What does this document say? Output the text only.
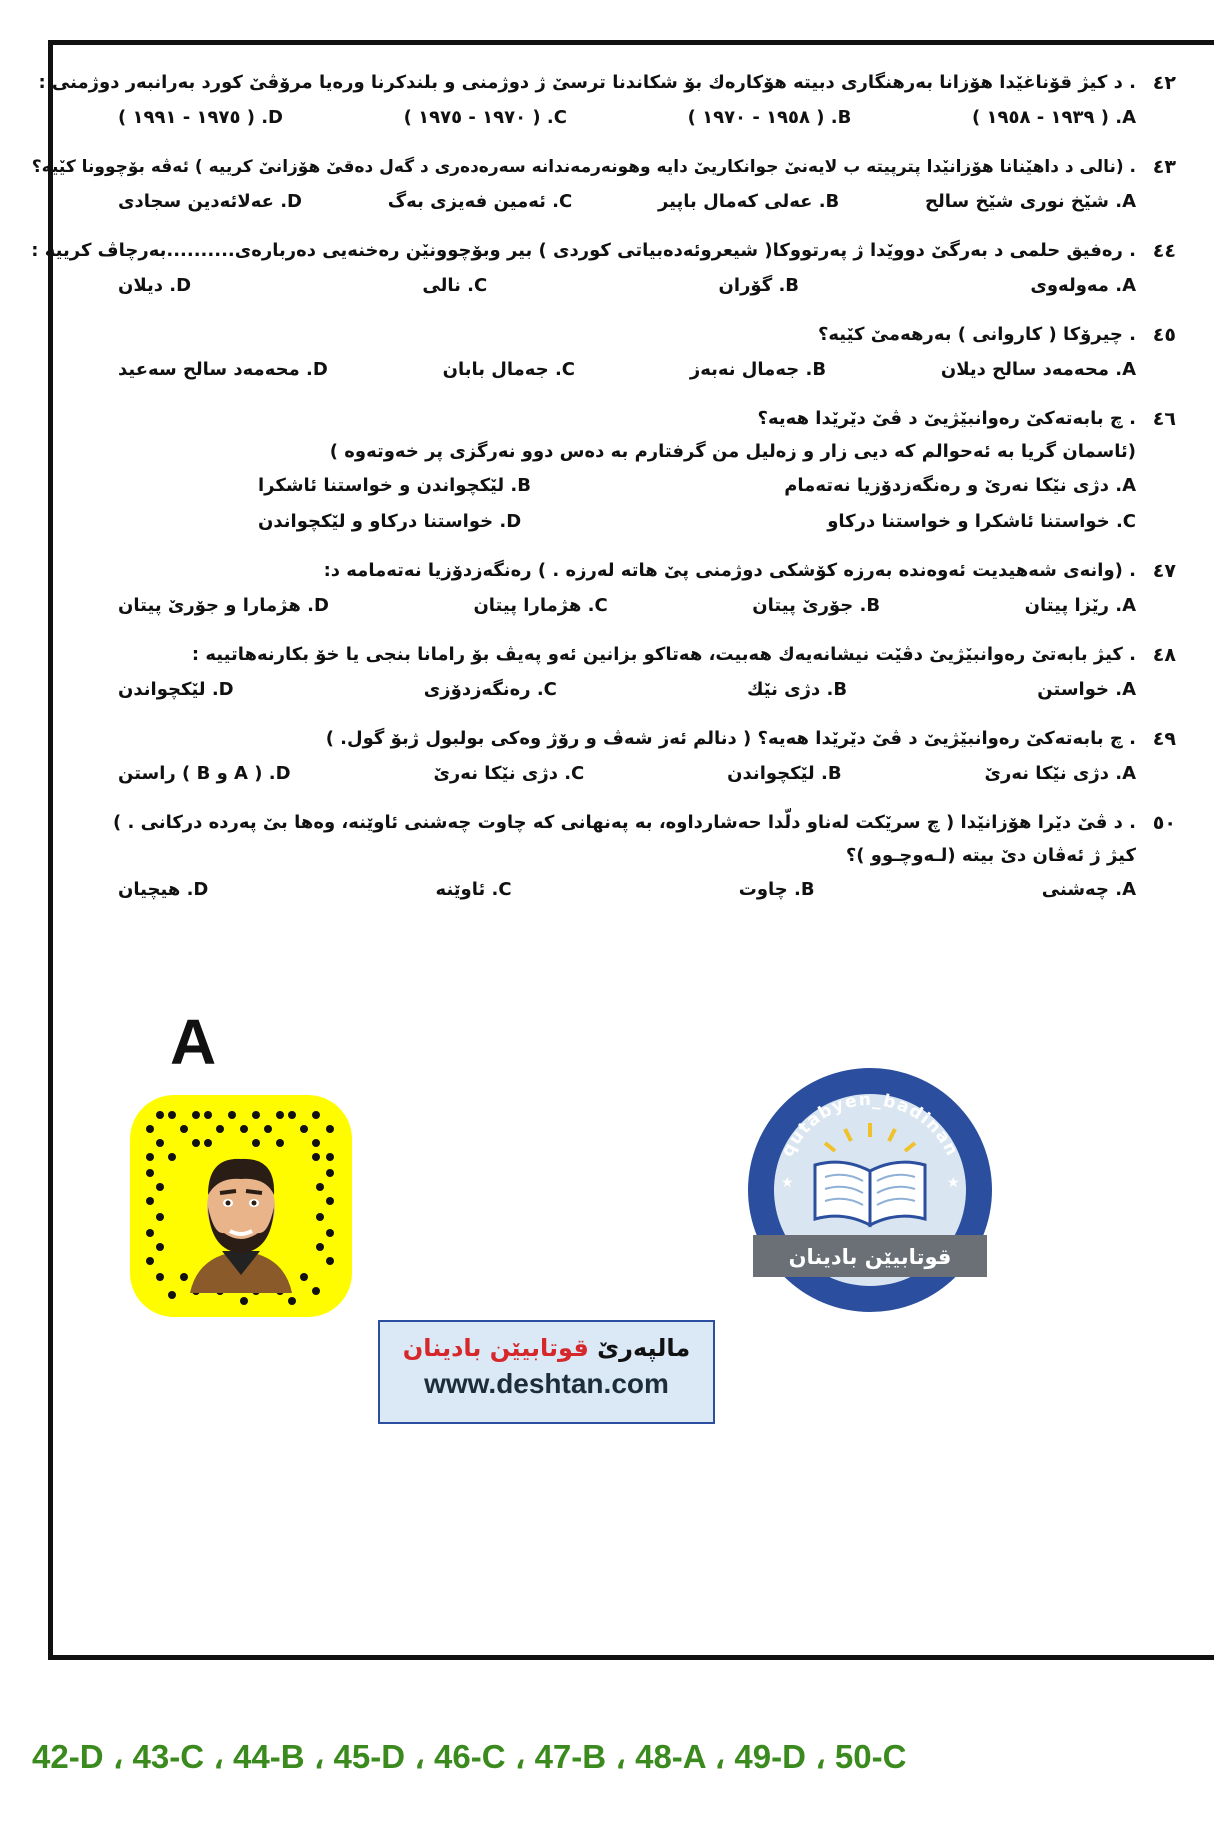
٤٢
. د كيژ قوٚناغيٚدا هوٚزانا بەرهنگاری دبيتە هوٚكارەك بوٚ شكاندنا ترسىٚ ژ دوژمنى و بلندكرنا ورەيا مروٚڤىٚ كورد بەرانبەر دوژمنى :
A. ( ١٩٣٩ - ١٩٥٨ )
B. ( ١٩٥٨ - ١٩٧٠ )
C. ( ١٩٧٠ - ١٩٧٥ )
D. ( ١٩٧٥ - ١٩٩١ )
٤٣
. (نالی د داهيٚنانا هوٚزانيٚدا پترپيتە ب لايەنىٚ جوانكاريىٚ دايە وهونەرمەندانە سەرەدەرى د گەل دەقىٚ هوٚزانىٚ كرييە ) ئەڤە بوٚچوونا كيٚيە؟
A. شيٚخ نوری شيٚخ سالح
B. عەلی كەمال باپير
C. ئەمين فەيزى بەگ
D. عەلائەدين سجادى
٤٤
. رەفيق حلمى د بەرگىٚ دوويٚدا ژ پەرتووكا( شيعروئەدەبياتى كوردى ) بير وبوٚچوونيٚن رەخنەيى دەربارەى..........بەرچاڤ كرييە :
A. مەولەوى
B. گوٚران
C. نالى
D. ديلان
٤٥
. چيروٚكا ( كاروانى ) بەرهەمىٚ كيٚيە؟
A. محەمەد سالح ديلان
B. جەمال نەبەز
C. جەمال بابان
D. محەمەد سالح سەعيد
٤٦
. چ بابەتەكىٚ رەوانبيٚژيىٚ د ڤىٚ ديٚريٚدا هەيە؟
(ئاسمان گريا بە ئەحوالم كە ديى زار و زەليل من گرفتارم بە دەس دوو نەرگزى پر خەوتەوە )
A. دژى نيٚكا نەرىٚ و رەنگەزدوٚزيا نەتەمام
B. ليٚكچواندن و خواستنا ئاشكرا
C. خواستنا ئاشكرا و خواستنا دركاو
D. خواستنا دركاو و ليٚكچواندن
٤٧
. (وانەى شەهيديت ئەوەندە بەرزە كوٚشكى دوژمنى پىٚ هاتە لەرزە . ) رەنگەزدوٚزيا نەتەمامە د:
A. ريٚزا پيتان
B. جوٚرىٚ پيتان
C. هژمارا پيتان
D. هژمارا و جوٚرىٚ پيتان
٤٨
. كيژ بابەتىٚ رەوانبيٚژيىٚ دڤيٚت نيشانەيەك هەبيت، هەتاكو بزانين ئەو پەيڤ بوٚ رامانا بنجى يا خوٚ بكارنەهاتييە :
A. خواستن
B. دژى نيٚك
C. رەنگەزدوٚزى
D. ليٚكچواندن
٤٩
. چ بابەتەكىٚ رەوانبيٚژيىٚ د ڤىٚ ديٚريٚدا هەيە؟ ( دنالم ئەز شەڤ و روٚژ وەكى بولبول ژبوٚ گول. )
A. دژى نيٚكا نەرىٚ
B. ليٚكچواندن
C. دژى نيٚكا نەرىٚ
D. ( A و B ) راستن
٥٠
. د ڤىٚ ديٚرا هوٚزانيٚدا ( چ سريٚكت لەناو دلّدا حەشارداوە، بە پەنهانى كە چاوت چەشنى ئاوێنە، وەها بىٚ پەردە دركانى . )
كيژ ژ ئەڤان دىٚ بيتە (لـەوچـوو )؟
A. چەشنى
B. چاوت
C. ئاوێنە
D. هيچيان
A
qutabyen_badinan
★	★
قوتابيێن بادينان
مالپەرێ قوتابيێن بادينان
www.deshtan.com
42-D ، 43-C ، 44-B ، 45-D ، 46-C ، 47-B ، 48-A ، 49-D ، 50-C
